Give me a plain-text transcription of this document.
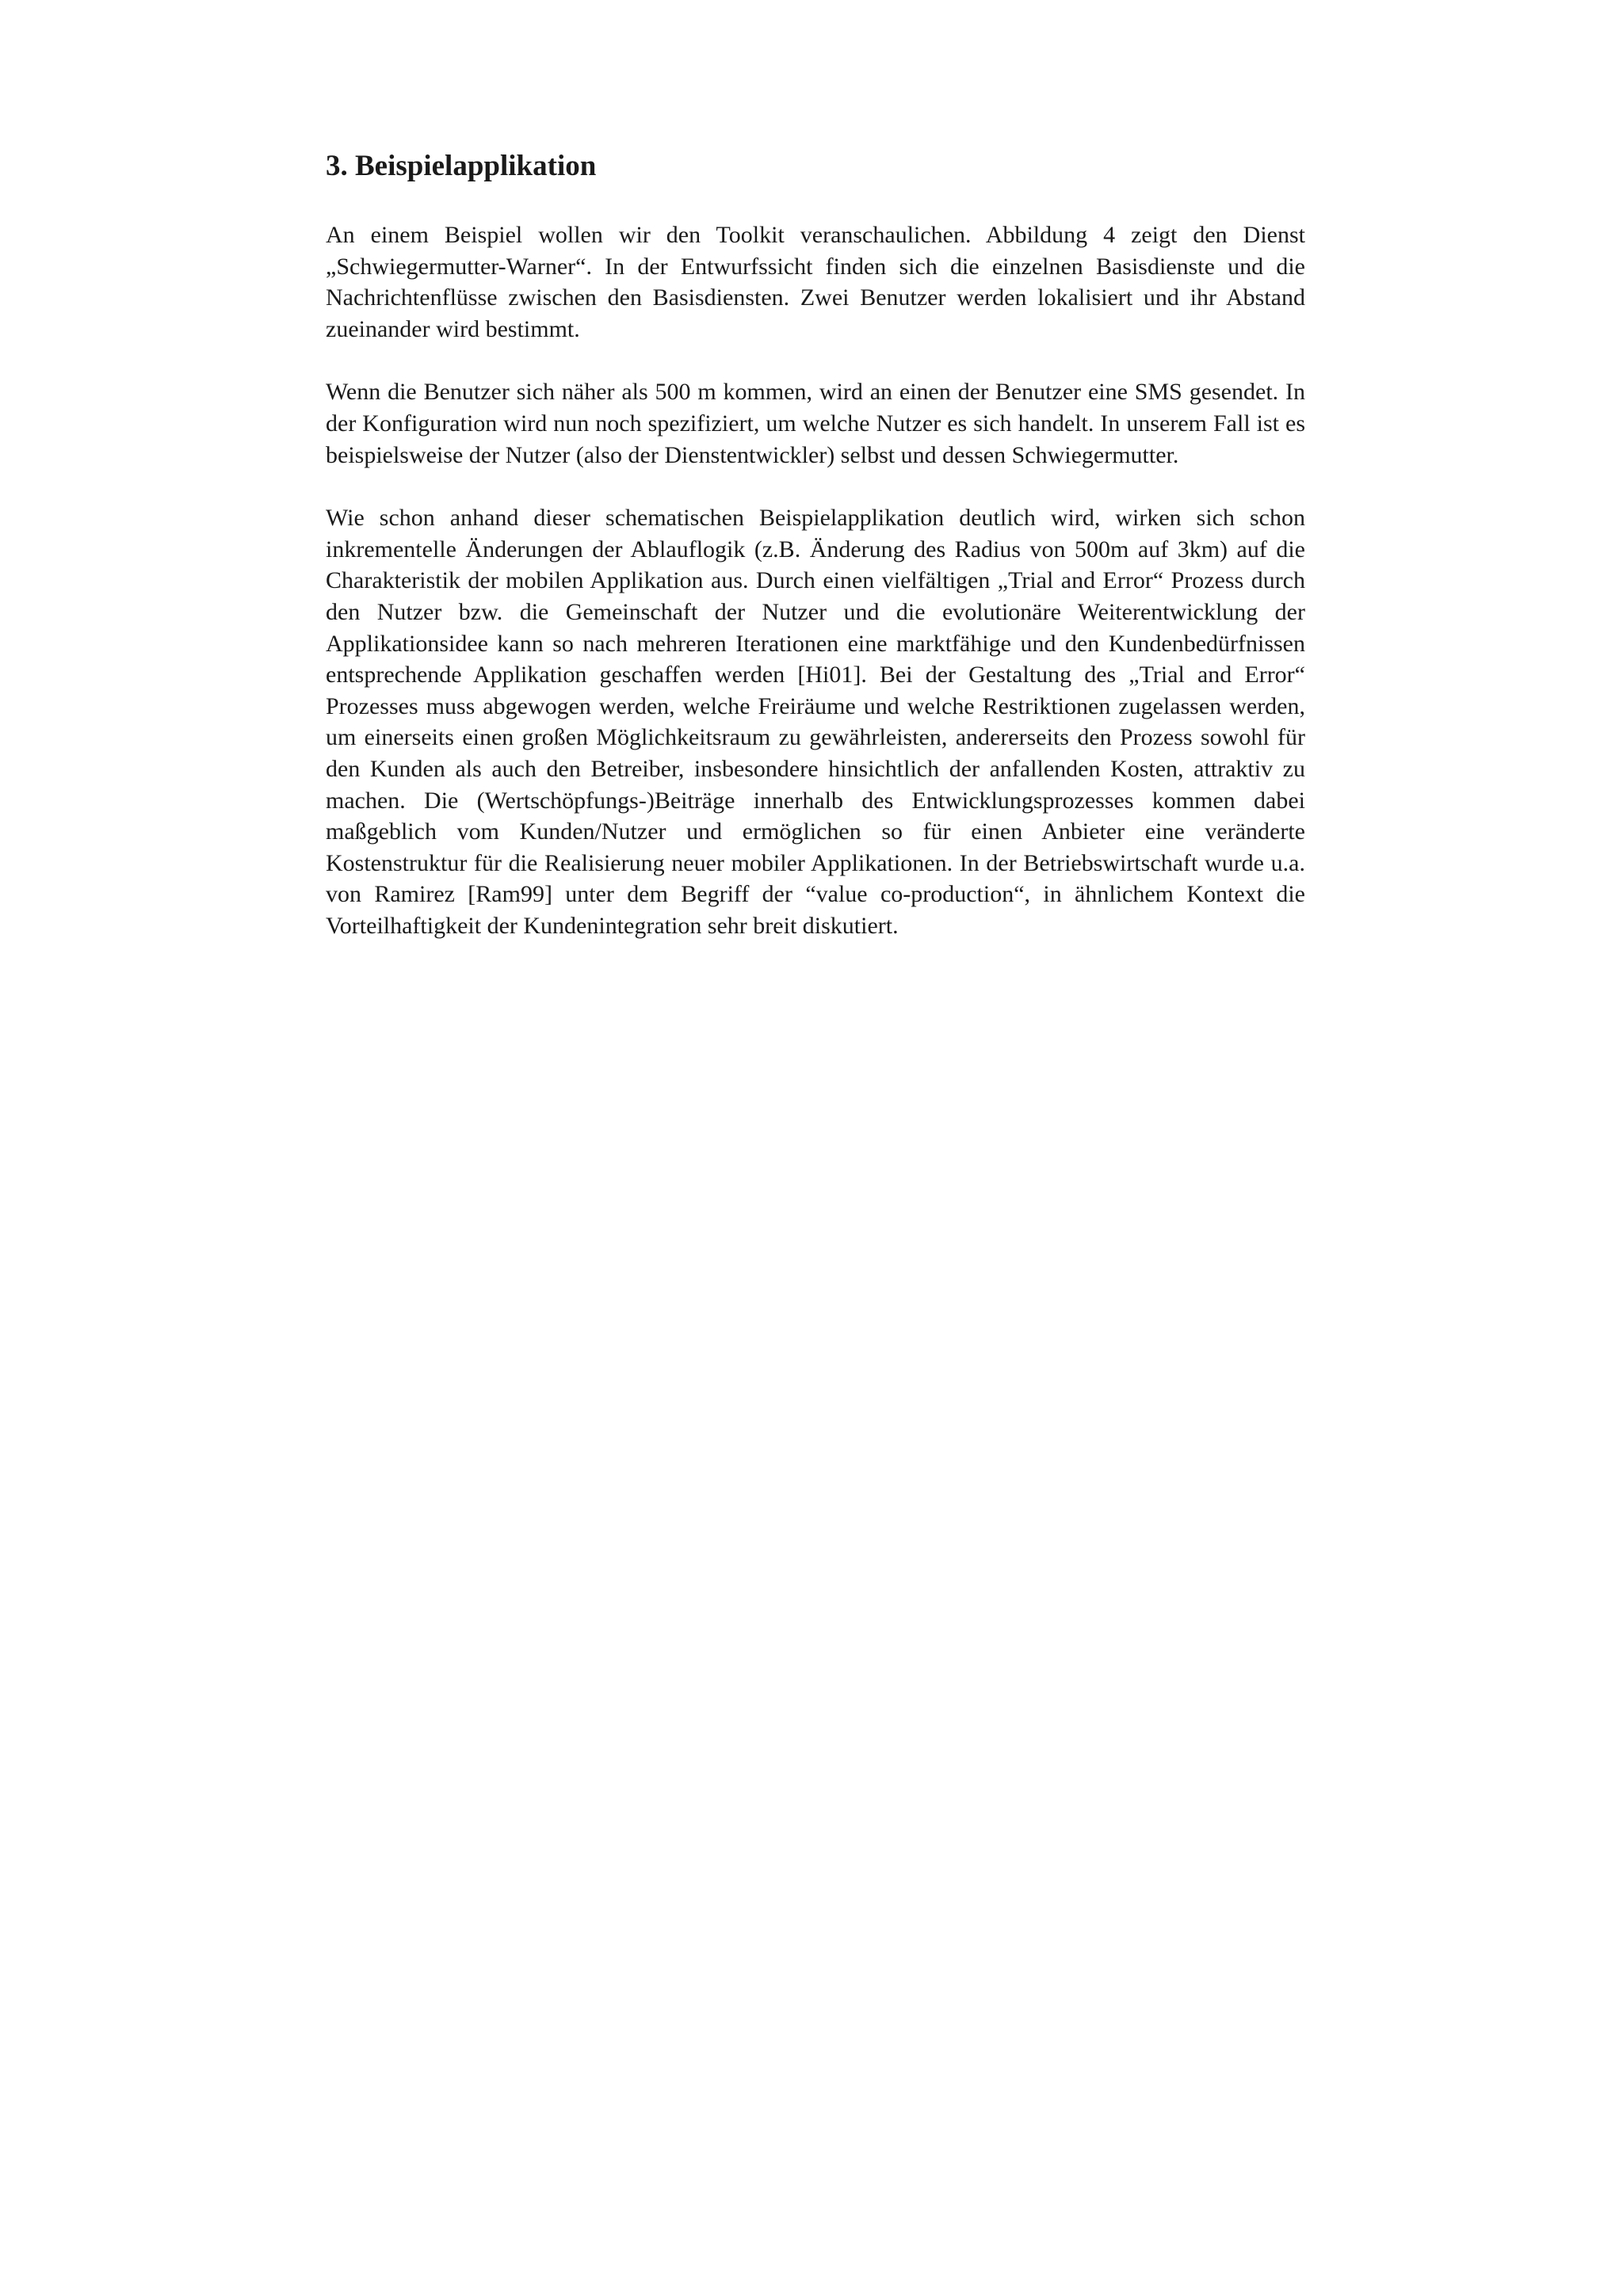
3. Beispielapplikation

An einem Beispiel wollen wir den Toolkit veranschaulichen. Abbildung 4 zeigt den Dienst „Schwiegermutter-Warner“. In der Entwurfssicht finden sich die einzelnen Basisdienste und die Nachrichtenflüsse zwischen den Basisdiensten. Zwei Benutzer werden lokalisiert und ihr Abstand zueinander wird bestimmt.

Wenn die Benutzer sich näher als 500 m kommen, wird an einen der Benutzer eine SMS gesendet. In der Konfiguration wird nun noch spezifiziert, um welche Nutzer es sich handelt. In unserem Fall ist es beispielsweise der Nutzer (also der Dienstentwickler) selbst und dessen Schwiegermutter.

Wie schon anhand dieser schematischen Beispielapplikation deutlich wird, wirken sich schon inkrementelle Änderungen der Ablauflogik (z.B. Änderung des Radius von 500m auf 3km) auf die Charakteristik der mobilen Applikation aus. Durch einen vielfältigen „Trial and Error“ Prozess durch den Nutzer bzw. die Gemeinschaft der Nutzer und die evolutionäre Weiterentwicklung der Applikationsidee kann so nach mehreren Iterationen eine marktfähige und den Kundenbedürfnissen entsprechende Applikation geschaffen werden [Hi01]. Bei der Gestaltung des „Trial and Error“ Prozesses muss abgewogen werden, welche Freiräume und welche Restriktionen zugelassen werden, um einerseits einen großen Möglichkeitsraum zu gewährleisten, andererseits den Prozess sowohl für den Kunden als auch den Betreiber, insbesondere hinsichtlich der anfallenden Kosten, attraktiv zu machen. Die (Wertschöpfungs-)Beiträge innerhalb des Entwicklungsprozesses kommen dabei maßgeblich vom Kunden/Nutzer und ermöglichen so für einen Anbieter eine veränderte Kostenstruktur für die Realisierung neuer mobiler Applikationen. In der Betriebswirtschaft wurde u.a. von Ramirez [Ram99] unter dem Begriff der “value co-production“, in ähnlichem Kontext die Vorteilhaftigkeit der Kundenintegration sehr breit diskutiert.
